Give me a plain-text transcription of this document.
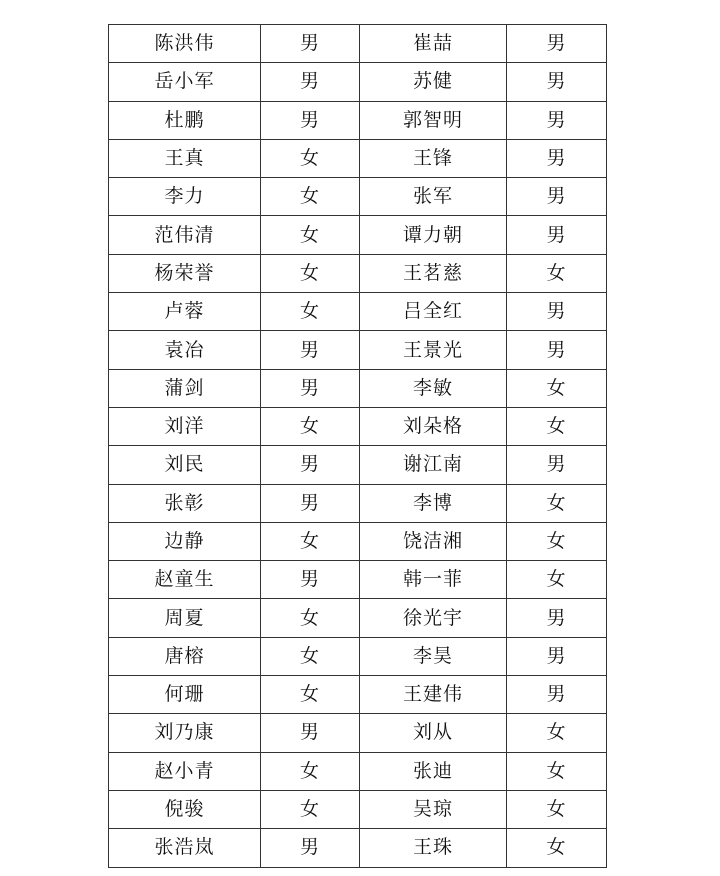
陈洪伟	男	崔喆	男
岳小军	男	苏健	男
杜鹏	男	郭智明	男
王真	女	王锋	男
李力	女	张军	男
范伟清	女	谭力朝	男
杨荣誉	女	王茗慈	女
卢蓉	女	吕全红	男
袁冶	男	王景光	男
蒲剑	男	李敏	女
刘洋	女	刘朵格	女
刘民	男	谢江南	男
张彰	男	李博	女
边静	女	饶洁湘	女
赵童生	男	韩一菲	女
周夏	女	徐光宇	男
唐榕	女	李昊	男
何珊	女	王建伟	男
刘乃康	男	刘从	女
赵小青	女	张迪	女
倪骏	女	吴琼	女
张浩岚	男	王珠	女
